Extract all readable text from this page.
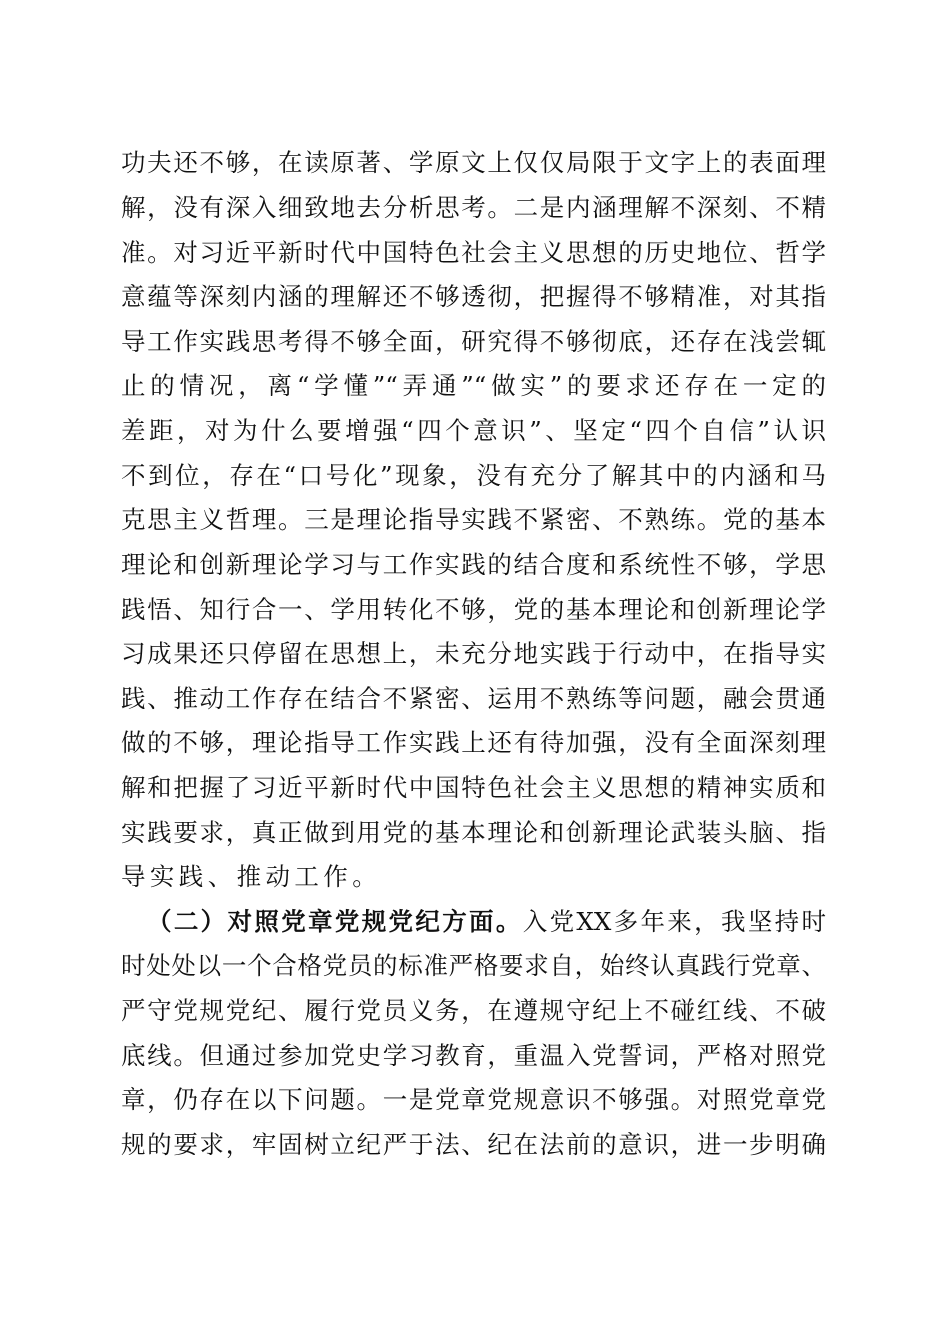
功夫还不够，在读原著、学原文上仅仅局限于文字上的表面理
解，没有深入细致地去分析思考。二是内涵理解不深刻、不精
准。对习近平新时代中国特色社会主义思想的历史地位、哲学
意蕴等深刻内涵的理解还不够透彻，把握得不够精准，对其指
导工作实践思考得不够全面，研究得不够彻底，还存在浅尝辄
止的情况，离“学懂”“弄通”“做实”的要求还存在一定的
差距，对为什么要增强“四个意识”、坚定“四个自信”认识
不到位，存在“口号化”现象，没有充分了解其中的内涵和马
克思主义哲理。三是理论指导实践不紧密、不熟练。党的基本
理论和创新理论学习与工作实践的结合度和系统性不够，学思
践悟、知行合一、学用转化不够，党的基本理论和创新理论学
习成果还只停留在思想上，未充分地实践于行动中，在指导实
践、推动工作存在结合不紧密、运用不熟练等问题，融会贯通
做的不够，理论指导工作实践上还有待加强，没有全面深刻理
解和把握了习近平新时代中国特色社会主义思想的精神实质和
实践要求，真正做到用党的基本理论和创新理论武装头脑、指
导实践、推动工作。
（二）对照党章党规党纪方面。入党XX多年来，我坚持时
时处处以一个合格党员的标准严格要求自，始终认真践行党章、
严守党规党纪、履行党员义务，在遵规守纪上不碰红线、不破
底线。但通过参加党史学习教育，重温入党誓词，严格对照党
章，仍存在以下问题。一是党章党规意识不够强。对照党章党
规的要求，牢固树立纪严于法、纪在法前的意识，进一步明确
